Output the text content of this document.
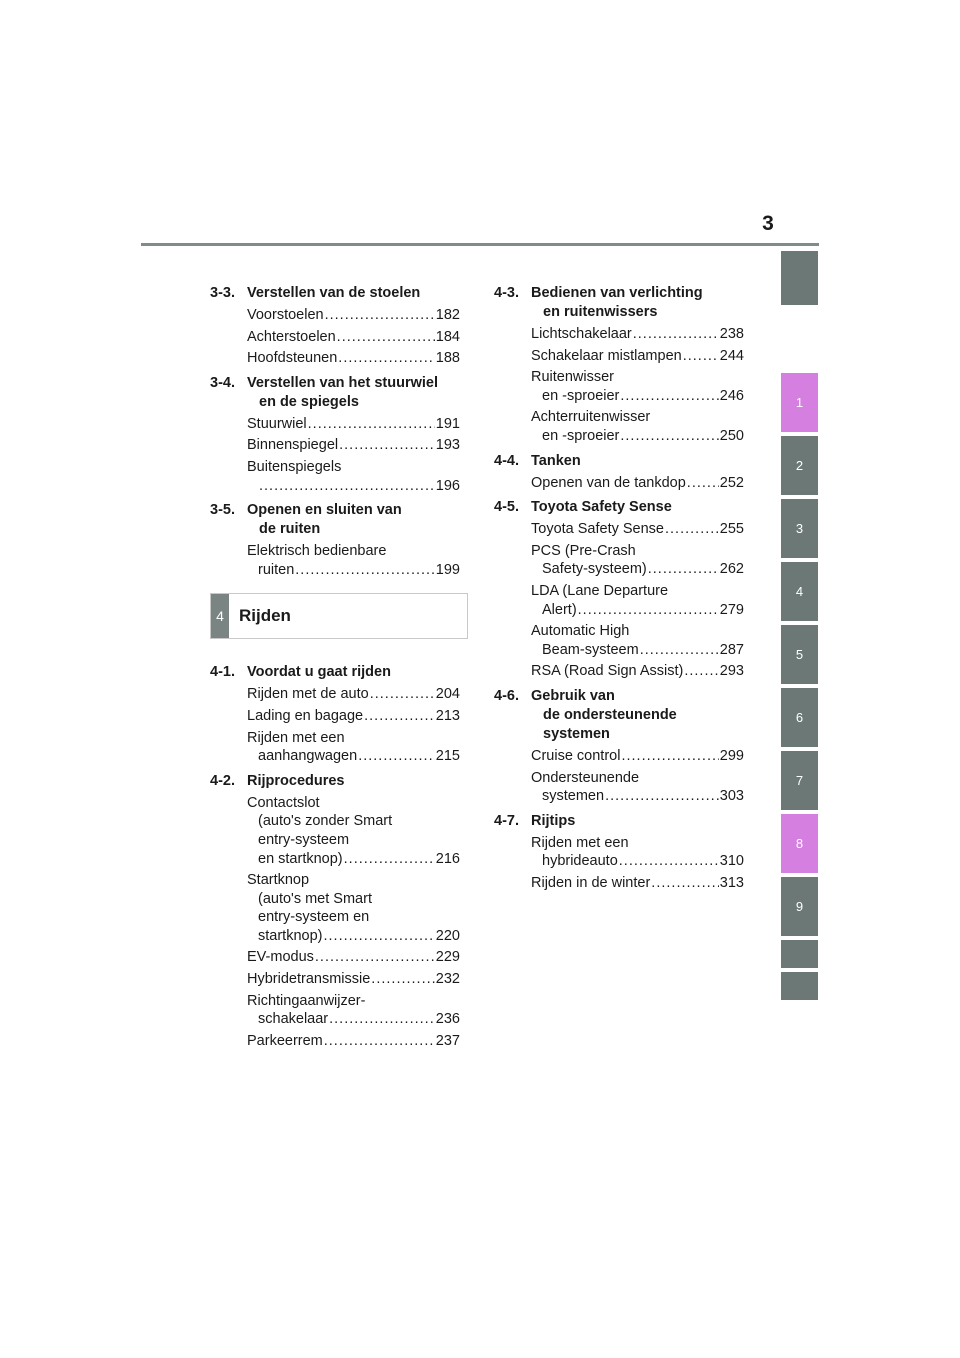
3
1
2
3
4
5
6
7
8
9
3-3. Verstellen van de stoelen
Voorstoelen .....	182
Achterstoelen .....	184
Hoofdsteunen .....	188
3-4. Verstellen van het stuurwiel
en de spiegels
Stuurwiel .....	191
Binnenspiegel .....	193
Buitenspiegels
.....
196
3-5. Openen en sluiten van
de ruiten
Elektrisch bedienbare
ruiten .....	199
4 Rijden
4-1. Voordat u gaat rijden
Rijden met de auto .....	204
Lading en bagage .....	213
Rijden met een
aanhangwagen .....	215
4-2. Rijprocedures
Contactslot
(auto's zonder Smart
entry-systeem
en startknop) .....	216
Startknop
(auto's met Smart
entry-systeem en
startknop) .....	220
EV-modus .....	229
Hybridetransmissie .....	232
Richtingaanwijzer-
schakelaar .....	236
Parkeerrem .....	237
4-3. Bedienen van verlichting
en ruitenwissers
Lichtschakelaar .....	238
Schakelaar mistlampen .....	244
Ruitenwisser
en -sproeier .....	246
Achterruitenwisser
en -sproeier .....	250
4-4. Tanken
Openen van de tankdop ..... 252
4-5. Toyota Safety Sense
Toyota Safety Sense .....	255
PCS (Pre-Crash
Safety-systeem) .....	262
LDA (Lane Departure
Alert) .....	279
Automatic High
Beam-systeem .....	287
RSA (Road Sign Assist) .....	293
4-6. Gebruik van
de ondersteunende
systemen
Cruise control .....	299
Ondersteunende
systemen .....	303
4-7. Rijtips
Rijden met een
hybrideauto .....	310
Rijden in de winter .....	313
